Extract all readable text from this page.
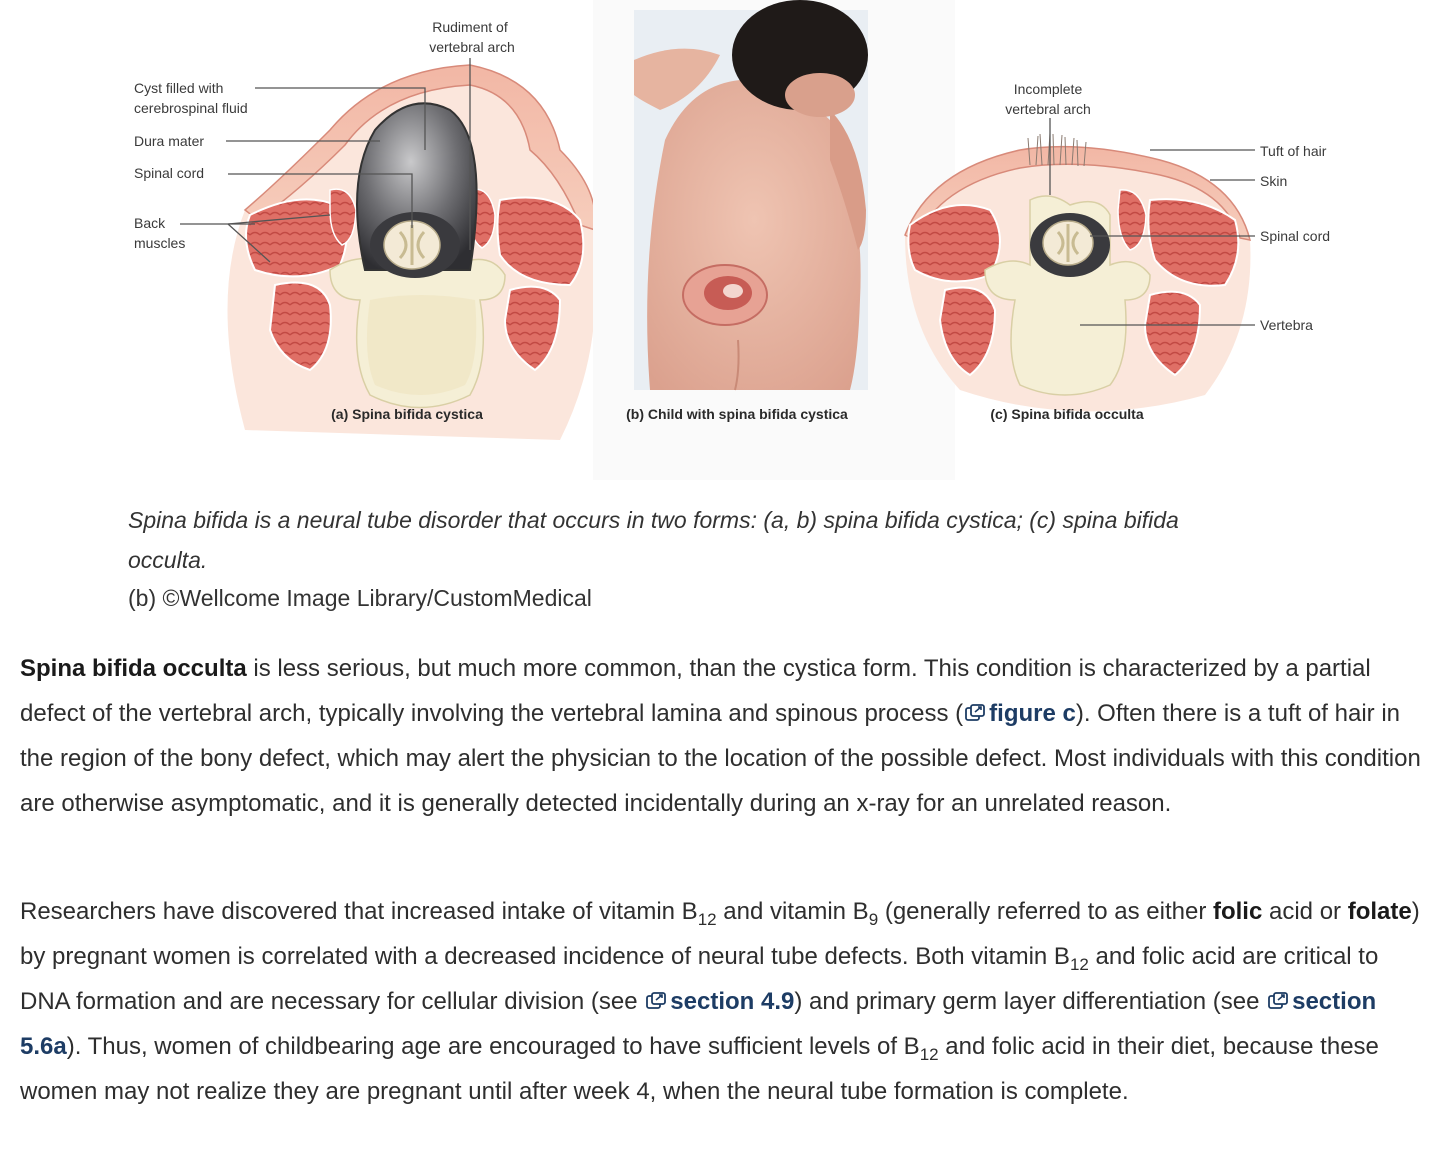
Rudiment of
vertebral arch
Cyst filled with
cerebrospinal fluid
Dura mater
Spinal cord
Back
muscles
(a) Spina bifida cystica	(b) Child with spina bifida cystica
Incomplete
vertebral arch
Tuft of hair
Skin
Spinal cord
Vertebra
(c) Spina bifida occulta
Spina bifida is a neural tube disorder that occurs in two forms: (a, b) spina bifida cystica; (c) spina bifida
occulta.
(b) ©Wellcome Image Library/CustomMedical
Spina bifida occulta is less serious, but much more common, than the cystica form. This condition is characterized by a partial defect of the vertebral arch, typically involving the vertebral lamina and spinous process ( figure c). Often there is a tuft of hair in the region of the bony defect, which may alert the physician to the location of the possible defect. Most individuals with this condition are otherwise asymptomatic, and it is generally detected incidentally during an x-ray for an unrelated reason.
Researchers have discovered that increased intake of vitamin $B_{12}$ and vitamin $B_9$ (generally referred to as either folic acid or folate) by pregnant women is correlated with a decreased incidence of neural tube defects. Both vitamin $B_{12}$ and folic acid are critical to DNA formation and are necessary for cellular division (see section 4.9) and primary germ layer differentiation (see section 5.6a). Thus, women of childbearing age are encouraged to have sufficient levels of $B_{12}$ and folic acid in their diet, because these women may not realize they are pregnant until after week 4, when the neural tube formation is complete.
